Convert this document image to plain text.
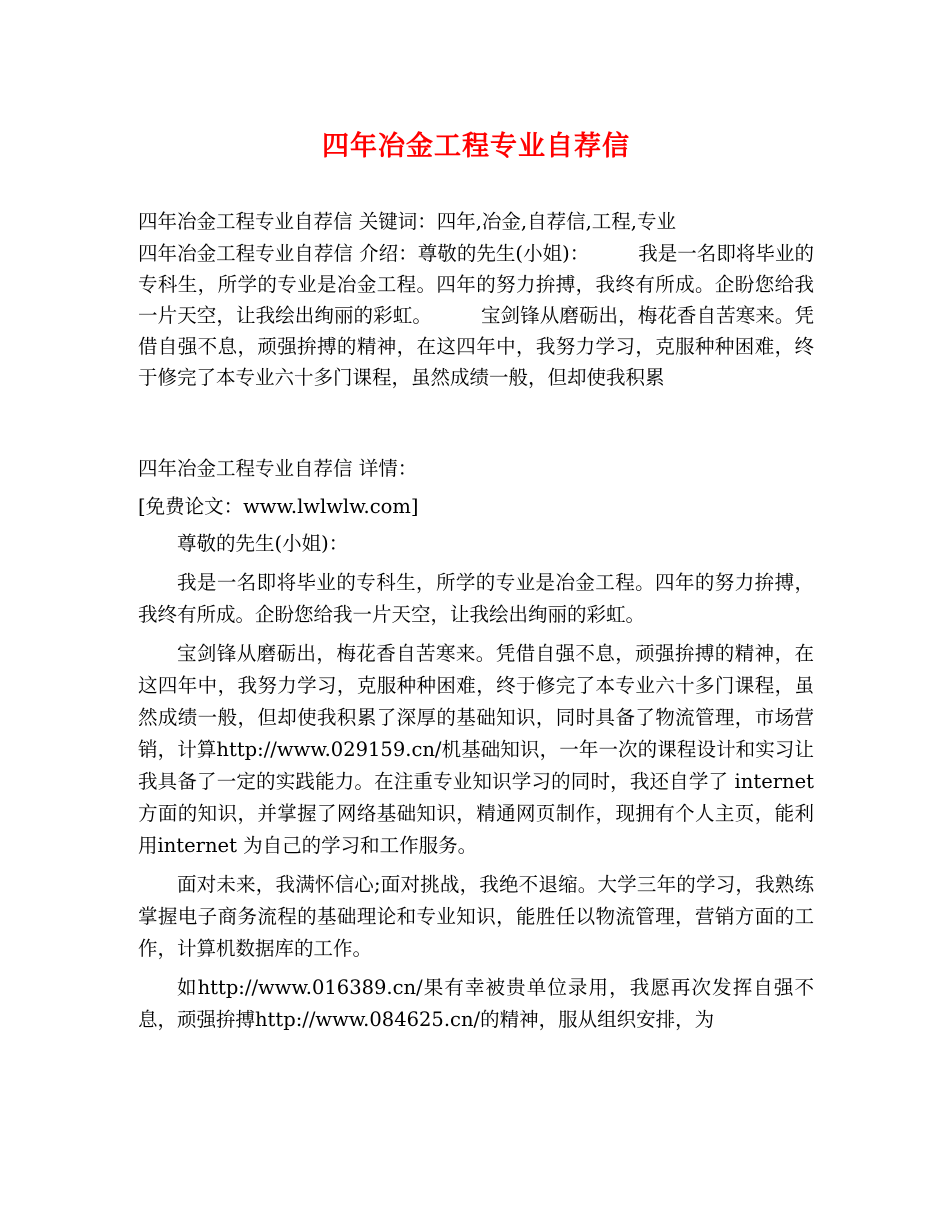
四年冶金工程专业自荐信

四年冶金工程专业自荐信 关键词：四年,冶金,自荐信,工程,专业

四年冶金工程专业自荐信 介绍：尊敬的先生(小姐)：　　　我是一名即将毕业的专科生，所学的专业是冶金工程。四年的努力拚搏，我终有所成。企盼您给我一片天空，让我绘出绚丽的彩虹。　　　宝剑锋从磨砺出，梅花香自苦寒来。凭借自强不息，顽强拚搏的精神，在这四年中，我努力学习，克服种种困难，终于修完了本专业六十多门课程，虽然成绩一般，但却使我积累

四年冶金工程专业自荐信 详情：

[免费论文：www.lwlwlw.com]

尊敬的先生(小姐)：

我是一名即将毕业的专科生，所学的专业是冶金工程。四年的努力拚搏，我终有所成。企盼您给我一片天空，让我绘出绚丽的彩虹。

宝剑锋从磨砺出，梅花香自苦寒来。凭借自强不息，顽强拚搏的精神，在这四年中，我努力学习，克服种种困难，终于修完了本专业六十多门课程，虽然成绩一般，但却使我积累了深厚的基础知识，同时具备了物流管理，市场营销，计算http://www.029159.cn/机基础知识，一年一次的课程设计和实习让我具备了一定的实践能力。在注重专业知识学习的同时，我还自学了 internet 方面的知识，并掌握了网络基础知识，精通网页制作，现拥有个人主页，能利用internet 为自己的学习和工作服务。

面对未来，我满怀信心;面对挑战，我绝不退缩。大学三年的学习，我熟练掌握电子商务流程的基础理论和专业知识，能胜任以物流管理，营销方面的工作，计算机数据库的工作。

如http://www.016389.cn/果有幸被贵单位录用，我愿再次发挥自强不息，顽强拚搏http://www.084625.cn/的精神，服从组织安排，为
